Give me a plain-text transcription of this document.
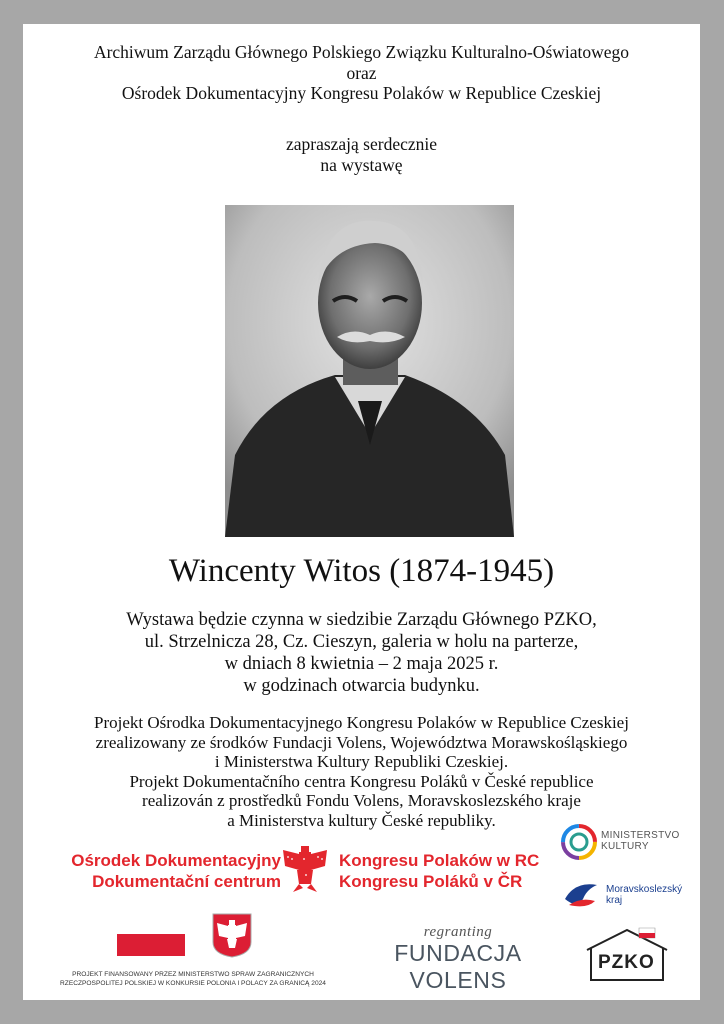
Archiwum Zarządu Głównego Polskiego Związku Kulturalno-Oświatowego
oraz
Ośrodek Dokumentacyjny Kongresu Polaków w Republice Czeskiej
zapraszają serdecznie
na wystawę
Wincenty Witos (1874-1945)
Wystawa będzie czynna w siedzibie Zarządu Głównego PZKO,
ul. Strzelnicza 28, Cz. Cieszyn, galeria w holu na parterze,
w dniach 8 kwietnia – 2 maja 2025 r.
w godzinach otwarcia budynku.
Projekt Ośrodka Dokumentacyjnego Kongresu Polaków w Republice Czeskiej
zrealizowany ze środków Fundacji Volens, Województwa Morawskośląskiego
i Ministerstwa Kultury Republiki Czeskiej.
Projekt Dokumentačního centra Kongresu Poláků v České republice
realizován z prostředků Fondu Volens, Moravskoslezského kraje
a Ministerstva kultury České republiky.
Ośrodek Dokumentacyjny
Dokumentační centrum
Kongresu Polaków w RC
Kongresu Poláků v ČR
MINISTERSTVO
KULTURY
Moravskoslezský
kraj
PROJEKT FINANSOWANY PRZEZ MINISTERSTWO SPRAW ZAGRANICZNYCH
RZECZPOSPOLITEJ POLSKIEJ W KONKURSIE POLONIA I POLACY ZA GRANICĄ 2024
regranting
FUNDACJA VOLENS
PZKO
